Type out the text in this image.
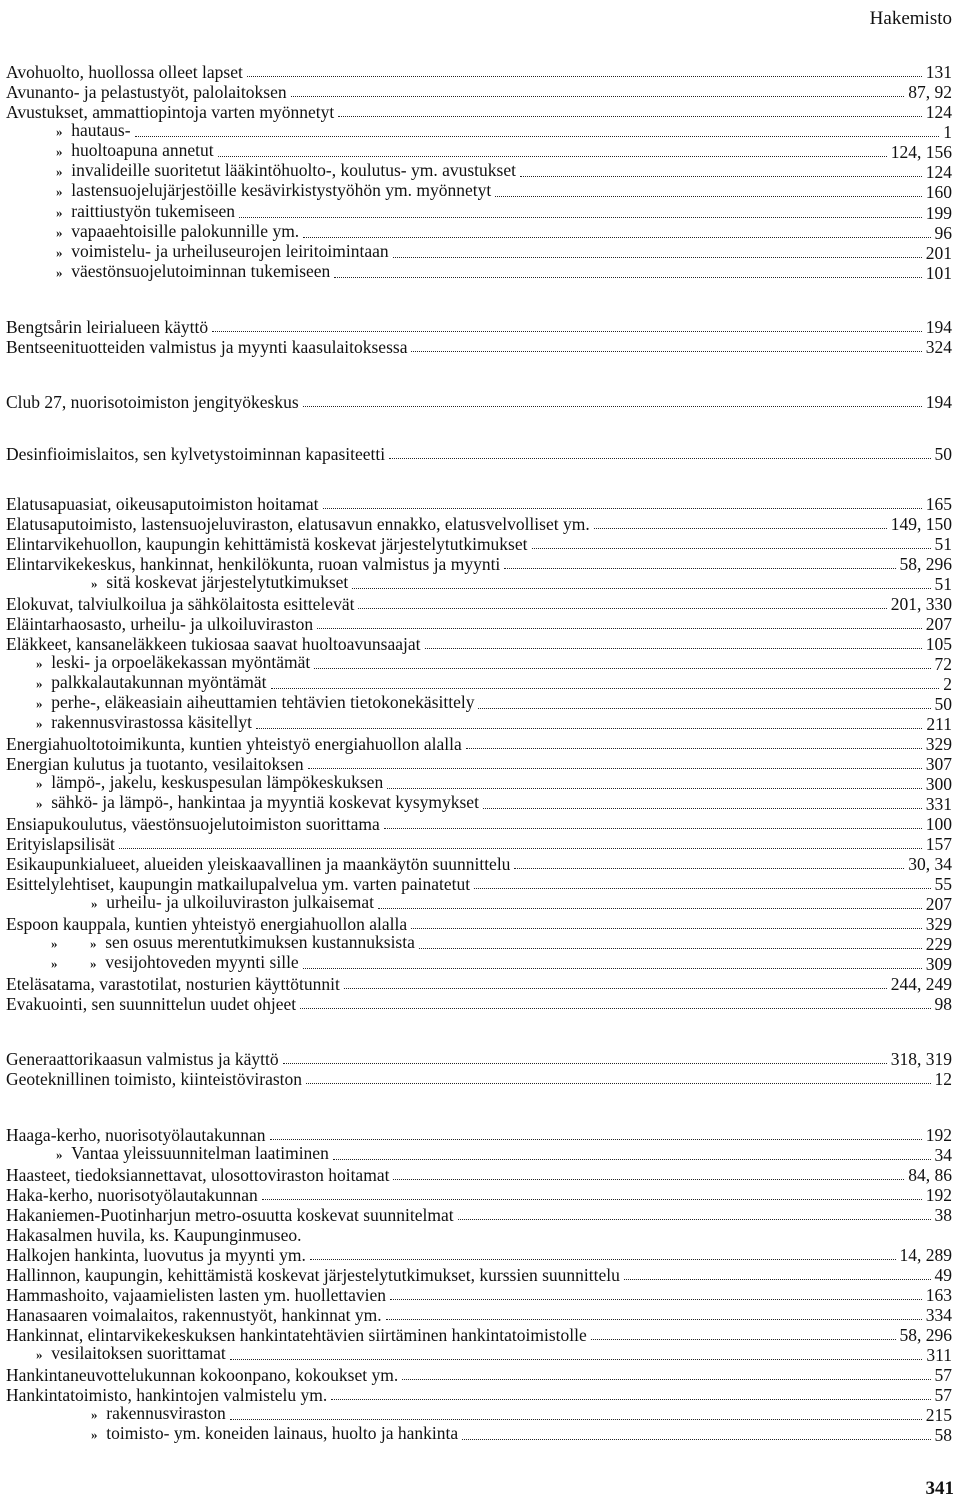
Hakemisto
Avohuolto, huollossa olleet lapset	131
Avunanto- ja pelastustyöt, palolaitoksen	87, 92
Avustukset, ammattiopintoja varten myönnetyt	124
»  hautaus-	1
»  huoltoapuna annetut	124, 156
»  invalideille suoritetut lääkintöhuolto-, koulutus- ym. avustukset	124
»  lastensuojelujärjestöille kesävirkistystyöhön ym. myönnetyt	160
»  raittiustyön tukemiseen	199
»  vapaaehtoisille palokunnille ym.	96
»  voimistelu- ja urheiluseurojen leiritoimintaan	201
»  väestönsuojelutoiminnan tukemiseen	101
Bengtsårin leirialueen käyttö	194
Bentseenituotteiden valmistus ja myynti kaasulaitoksessa	324
Club 27, nuorisotoimiston jengityökeskus	194
Desinfioimislaitos, sen kylvetystoiminnan kapasiteetti	50
Elatusapuasiat, oikeusaputoimiston hoitamat	165
Elatusaputoimisto, lastensuojeluviraston, elatusavun ennakko, elatusvelvolliset ym.	149, 150
Elintarvikehuollon, kaupungin kehittämistä koskevat järjestelytutkimukset	51
Elintarvikekeskus, hankinnat, henkilökunta, ruoan valmistus ja myynti	58, 296
»  sitä koskevat järjestelytutkimukset	51
Elokuvat, talviulkoilua ja sähkölaitosta esittelevät	201, 330
Eläintarhaosasto, urheilu- ja ulkoiluviraston	207
Eläkkeet, kansaneläkkeen tukiosaa saavat huoltoavunsaajat	105
»  leski- ja orpoeläkekassan myöntämät	72
»  palkkalautakunnan myöntämät	2
»  perhe-, eläkeasiain aiheuttamien tehtävien tietokonekäsittely	50
»  rakennusvirastossa käsitellyt	211
Energiahuoltotoimikunta, kuntien yhteistyö energiahuollon alalla	329
Energian kulutus ja tuotanto, vesilaitoksen	307
»  lämpö-, jakelu, keskuspesulan lämpökeskuksen	300
»  sähkö- ja lämpö-, hankintaa ja myyntiä koskevat kysymykset	331
Ensiapukoulutus, väestönsuojelutoimiston suorittama	100
Erityislapsilisät	157
Esikaupunkialueet, alueiden yleiskaavallinen ja maankäytön suunnittelu	30, 34
Esittelylehtiset, kaupungin matkailupalvelua ym. varten painatetut	55
»  urheilu- ja ulkoiluviraston julkaisemat	207
Espoon kauppala, kuntien yhteistyö energiahuollon alalla	329
»          »  sen osuus merentutkimuksen kustannuksista	229
»          »  vesijohtoveden myynti sille	309
Eteläsatama, varastotilat, nosturien käyttötunnit	244, 249
Evakuointi, sen suunnittelun uudet ohjeet	98
Generaattorikaasun valmistus ja käyttö	318, 319
Geoteknillinen toimisto, kiinteistöviraston	12
Haaga-kerho, nuorisotyölautakunnan	192
»  Vantaa yleissuunnitelman laatiminen	34
Haasteet, tiedoksiannettavat, ulosottoviraston hoitamat	84, 86
Haka-kerho, nuorisotyölautakunnan	192
Hakaniemen-Puotinharjun metro-osuutta koskevat suunnitelmat	38
Hakasalmen huvila, ks. Kaupunginmuseo.
Halkojen hankinta, luovutus ja myynti ym.	14, 289
Hallinnon, kaupungin, kehittämistä koskevat järjestelytutkimukset, kurssien suunnittelu	49
Hammashoito, vajaamielisten lasten ym. huollettavien	163
Hanasaaren voimalaitos, rakennustyöt, hankinnat ym.	334
Hankinnat, elintarvikekeskuksen hankintatehtävien siirtäminen hankintatoimistolle	58, 296
»  vesilaitoksen suorittamat	311
Hankintaneuvottelukunnan kokoonpano, kokoukset ym.	57
Hankintatoimisto, hankintojen valmistelu ym.	57
»  rakennusviraston	215
»  toimisto- ym. koneiden lainaus, huolto ja hankinta	58
341
